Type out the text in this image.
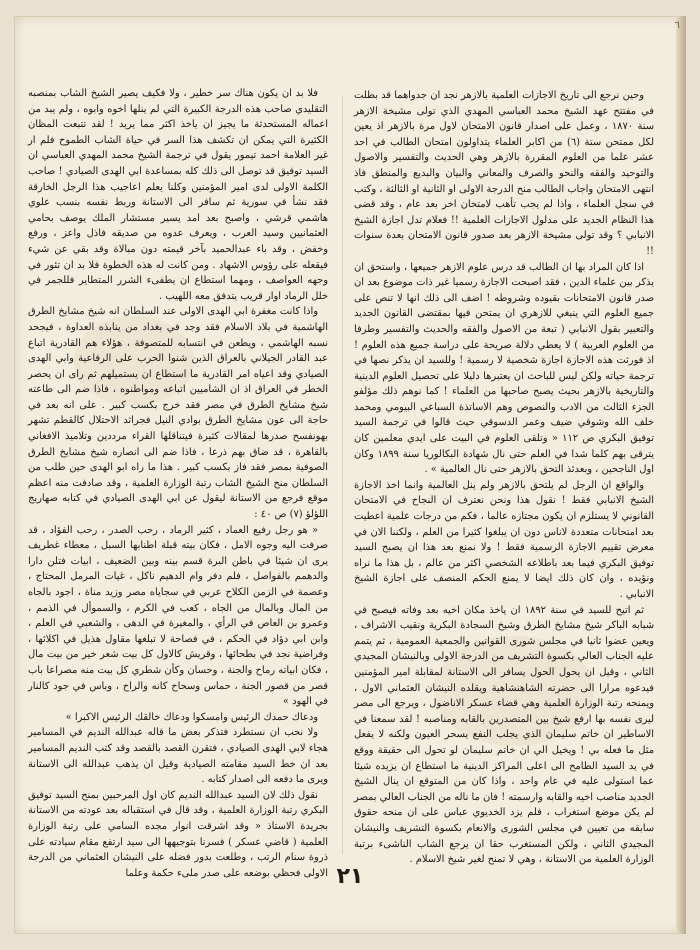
٦

وحين نرجع الى تاريخ الاجازات العلمية بالازهر نجد ان جدواهما قد بطلت في مفتتح عهد الشيخ محمد العباسي المهدي الذي تولى مشيخة الازهر سنة ١٨٧٠ ، وعمل على اصدار قانون الامتحان لاول مرة بالازهر اذ يعين لكل ممتحن ستة (٦) من اكابر العلماء يتداولون امتحان الطالب في احد عشر علما من العلوم المقررة بالازهر وهي الحديث والتفسير والاصول والتوحيد والفقه والنحو والصرف والمعاني والبيان والبديع والمنطق فاذ انتهى الامتحان واجاب الطالب منح الدرجة الاولى او الثانية او الثالثة ، وكتب في سجل العلماء ، واذا لم يجب تأهب لامتحان اخر بعد عام ، وقد قضى هذا النظام الجديد على مدلول الاجازات العلمية !! فعلام تدل اجازة الشيخ الانبابي ؟ وقد تولى مشيخة الازهر بعد صدور قانون الامتحان بعدة سنوات !!

اذا كان المراد بها ان الطالب قد درس علوم الازهر جميعها ، واستحق ان يذكر بين علماء الدين ، فقد اصبحت الاجازة رسميا غير ذات موضوع بعد ان صدر قانون الامتحانات بقيوده وشروطه ! اضف الى ذلك انها لا تنص على جميع العلوم التي ينبغي للازهري ان يمتحن فيها بمقتضى القانون الجديد والتعبير بقول الانبابي ( تبعة من الاصول والفقه والحديث والتفسير وطرفا من العلوم العربية ) لا يعطي دلالة صريحة على دراسة جميع هذه العلوم !اذ فورثت هذه الاجازة اجازة شخصية لا رسمية ! وللسيد ان يذكر نصها في ترجمة حياته ولكن ليس للباحث ان يعتبرها دليلا على تحصيل العلوم الدينية والتاريخية بالازهر بحيث يصبح صاحبها من العلماء ! كما نوهم ذلك مؤلفو الجزء الثالث من الادب والنصوص وهم الاساتذة السباعي البيومي ومحمد خلف الله وشوقي ضيف وعمر الدسوقي حيث قالوا في ترجمة السيد توفيق البكري ص ١١٢ « وتلقى العلوم في البيت على ايدي معلمين كان يترقى بهم كلما شدا في العلم حتى نال شهادة البكالوريا سنة ١٨٩٩ وكان اول الناجحين ، وبعدئذ التحق بالازهر حتى نال العالمية » .

والواقع ان الرجل لم يلتحق بالازهر ولم ينل العالمية وانما اخذ الاجازة الشيخ الانبابي فقط ! نقول هذا ونحن نعترف ان النجاح في الامتحان القانوني لا يستلزم ان يكون مجتازه عالما ، فكم من درجات علمية اعطيت بعد امتحانات متعددة لاناس دون ان يبلغوا كثيرا من العلم ، ولكننا الان في معرض تقييم الاجازة الرسمية فقط ! ولا نمنع بعد هذا ان يصبح السيد توفيق البكري فيما بعد باطلاعه الشخصي اكثر من عالم ، بل هذا ما نراه ونؤيده ، وان كان ذلك ايضا لا يمنع الحكم المنصف على اجازة الشيخ الانبابي .

ثم اتيح للسيد في سنة ١٨٩٢ ان ياخذ مكان اخيه بعد وفاته فيصبح في شبابه الباكر شيخ مشايخ الطرق وشيخ السجادة البكرية ونقيب الاشراف ، ويعين عضوا ثانيا في مجلس شورى القوانين والجمعية العمومية ، ثم يتمم عليه الجناب العالي بكسوة التشريف من الدرجة الاولى وبالنيشان المجيدي الثاني ، وقيل ان يحول الحول يسافر الى الاستانة لمقابلة امير المؤمنين فيدعوه مرارا الى حضرته الشاهنشاهية ويقلده النيشان العثماني الاول ، ويمنحه رتبة الوزارة العلمية وهي قضاء عسكر الاناضول ، ويرجع الى مصر ليرى نفسه بها ارفع شيخ بين المتصدرين بالقابه ومناصبه ! لقد سمعنا في الاساطير ان خاتم سليمان الذي يجلب النفع يسحر العيون ولكنه لا يفعل مثل ما فعله بي ! ويخيل الي ان خاتم سليمان لو تحول الى حقيقة ووقع في يد السيد الطامح الى اعلى المراكز الدينية ما استطاع ان يزيده شيئا عما استولى عليه في عام واحد ، واذا كان من المتوقع ان ينال الشيخ الجديد مناصب اخيه والقابه وارسمته ! فان ما ناله من الجناب العالي بمصر لم يكن موضع استغراب ، فلم يزد الخديوي عباس على ان منحه حقوق سابقه من تعيين في مجلس الشورى والانعام بكسوة التشريف والنيشان المجيدي الثاني ، ولكن المستغرب حقا ان يرجع الشاب الناشىء برتبة الوزارة العلمية من الاستانة ، وهي لا تمنح لغير شيخ الاسلام .

فلا بد ان يكون هناك سر خطير ، ولا فكيف يصير الشيخ الشاب بمنصبه التقليدي صاحب هذه الدرجة الكبيرة التي لم ينلها اخوه وابوه ، ولم يبد من اعماله المستحدثة ما يجيز ان ياخذ اكثر مما يريد ! لقد تتبعت المظان الكثيرة التي يمكن ان تكشف هذا السر في حياة الشاب الطموح فلم ار غير العلامة احمد تيمور يقول في ترجمة الشيخ محمد المهدي العباسي ان السيد توفيق قد توصل الى ذلك كله بمساعدة ابي الهدى الصيادي ! صاحب الكلمة الاولى لدى امير المؤمنين وكلنا يعلم اعاجيب هذا الرجل الخارقة فقد نشأ في سورية ثم سافر الى الاستانة وربط نفسه بنسب علوي هاشمي قرشي ، واصبح بعد امد يسير مستشار الملك يوصف بحامي العثمانيين وسيد العرب ، ويعرف عدوه من صديقه فاذل واعز ، ورفع وخفض ، وقد باء عبدالحميد بآخر قيمته دون مبالاة وقد بقي عن شيء فيقعله على رؤوس الاشهاد . ومن كانت له هذه الخطوة فلا بد ان تئور في وجهه العواصف ، ومهما استطاع ان يطفىء الشرر المتطاير فللجمر في خلل الرماد اوار قريب يتدفق معه اللهيب .

واذا كانت مغفرة ابي الهدى الاولى عند السلطان انه شيخ مشايخ الطرق الهاشمية في بلاد الاسلام فقد وجد في بغداد من ينابذه العداوة ، فيجحد نسبه الهاشمي ، ويطعن في انتسابه للمتصوفة ، هؤلاء هم القادرية اتباع عبد القادر الجيلاني بالعراق الذين شنوا الحرب على الرفاعية وابي الهدى الصيادي وقد اعياه امر القادرية ما استطاع ان يستميلهم ثم راى ان يحصر الخطر في العراق اذ ان الشاميين اتباعه ومواطنوه ، فاذا ضم الى طاعته شيخ مشايخ الطرق في مصر فقد خرج بكسب كبير . على انه بعد في حاجة الى عون مشايخ الطرق بوادي النيل فجراثد الاحتلال كالقطم تشهر بهونفسح صدرها لمقالات كثيرة فيتناقلها القراء مرددين وتلاميذ الافغاني بالقاهرة ، قد ضاق بهم ذرعا ، فاذا ضم الى انصاره شيخ مشايخ الطرق الصوفية بمصر فقد فاز بكسب كبير . هذا ما راه ابو الهدى حين طلب من السلطان منح الشيخ الشاب رتبة الوزارة العلمية ، وقد صادفت منه اعظم موقع فرجع من الاستانة ليقول عن ابي الهدى الصيادي في كتابه صهاريج اللؤلؤ (٧) ص ٤٠ :

« هو رجل رفيع العماد ، كثير الرماد ، رحب الصدر ، رحب الفؤاد ، قد صرفت اليه وجوه الامل ، فكان بيته قبلة اطنابها السبل ، معطاء غطريف يرى ان شيئا في باطن البرة قسم بينه وبين الضعيف ، ابيات فتلن دارا والدهمم بالفواصل ، فلم دفر وام الدهيم ناكل ، غيات المرمل المحتاج ، وعصمة في الزمن الكلاح عربي في سجاياه مصر وزيد مناة ، اجود بالجاه من المال وبالمال من الجاه ، كعب في الكرم ، والسموأل في الذمم ، وعمرو بن العاص في الرأي ، والمغيرة في الدهى ، والشعبي في العلم ، وابن ابي دؤاد في الحكم ، في فصاحة لا تبلغها مقاول هذيل في اكلائها ، وفراضية نجد في بطحائها ، وقريش كالاول كل بيت شعر خير من بيت مال ، فكان ابياته رماح والجنة ، وحسان وكأن شطري كل بيت منه مصراعا باب قصر من قصور الجنة ، حماس وسحاح كانه والراح ، وباس في جود كالنار في الهود »

ودعاك حمدك الرئيس وامسكوا ودعاك خالقك الرئيس الاكبرا »

ولا نحب ان نستطرد فتذكر بعض ما قاله عبدالله النديم في المسامير هجاء لابي الهدى الصيادي ، فتقرن القصد بالقصد وقد كتب النديم المسامير بعد ان خط السيد مقامته الصيادية وقيل ان يذهب عبدالله الى الاستانة ويرى ما دفعه الى اصدار كتابه .

نقول ذلك لان السيد عبدالله النديم كان اول المرحبين بمنح السيد توفيق البكري رتبة الوزارة العلمية ، وقد قال في استقباله بعد عودته من الاستانة بجريدة الاستاذ « وقد اشرقت انوار مجده السامي على رتبة الوزارة العلمية ( قاضي عسكر ) فسرنا بتوجيهها الى سيد ارتفع مقام سيادته على ذروة سنام الرتب ، وطلعت بدور فضله على النيشان العثماني من الدرجة الاولى فحظي بوضعه على صدر ملىء حكمة وعلما ٢١
